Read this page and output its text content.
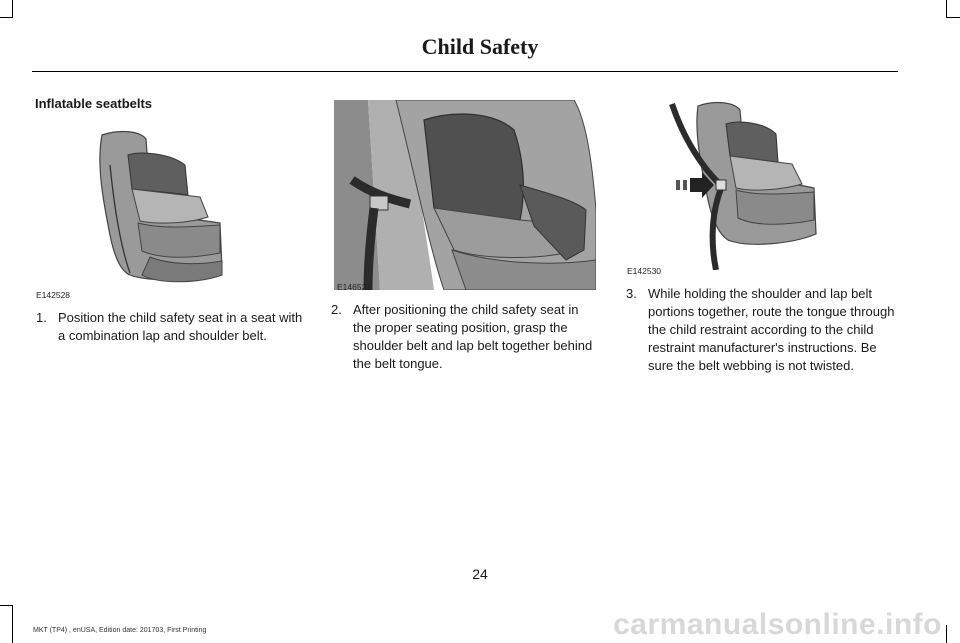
Child Safety
Inflatable seatbelts
E142528
E146522
E142530
1. Position the child safety seat in a seat with a combination lap and shoulder belt.
2. After positioning the child safety seat in the proper seating position, grasp the shoulder belt and lap belt together behind the belt tongue.
3. While holding the shoulder and lap belt portions together, route the tongue through the child restraint according to the child restraint manufacturer's instructions. Be sure the belt webbing is not twisted.
24
MKT (TP4) , enUSA, Edition date: 201703, First Printing	carmanualsonline.info
